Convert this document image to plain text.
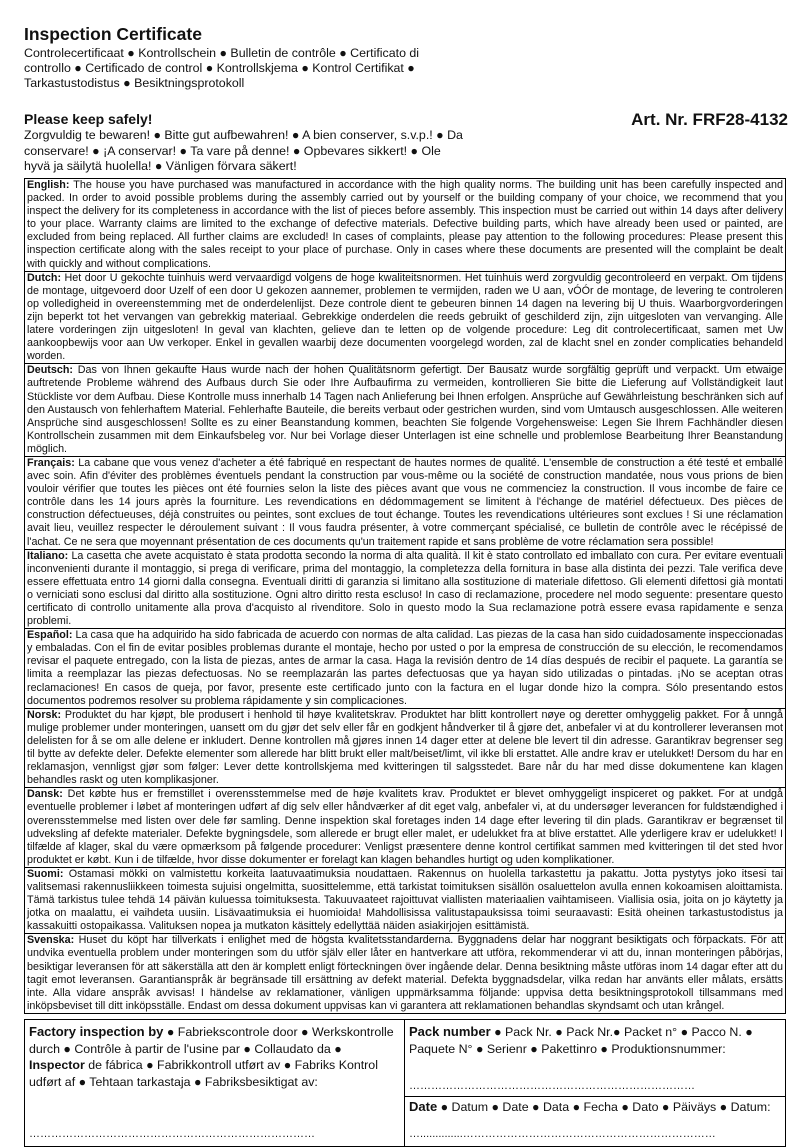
Inspection Certificate
Controlecertificaat ● Kontrollschein ● Bulletin de contrôle ● Certificato di controllo ● Certificado de control ● Kontrollskjema ● Kontrol Certifikat ● Tarkastustodistus ● Besiktningsprotokoll
Art. Nr. FRF28-4132
Please keep safely!
Zorgvuldig te bewaren! ● Bitte gut aufbewahren! ● A bien conserver, s.v.p.! ● Da conservare! ● ¡A conservar! ● Ta vare på denne! ● Opbevares sikkert! ● Ole hyvä ja säilytä huolella! ● Vänligen förvara säkert!
English: The house you have purchased was manufactured in accordance with the high quality norms. The building unit has been carefully inspected and packed. In order to avoid possible problems during the assembly carried out by yourself or the building company of your choice, we recommend that you inspect the delivery for its completeness in accordance with the list of pieces before assembly. This inspection must be carried out within 14 days after delivery to your place. Warranty claims are limited to the exchange of defective materials. Defective building parts, which have already been used or painted, are excluded from being replaced. All further claims are excluded! In cases of complaints, please pay attention to the following procedures: Please present this inspection certificate along with the sales receipt to your place of purchase. Only in cases where these documents are presented will the complaint be dealt with quickly and without complications.
Dutch: Het door U gekochte tuinhuis werd vervaardigd volgens de hoge kwaliteitsnormen. Het tuinhuis werd zorgvuldig gecontroleerd en verpakt. Om tijdens de montage, uitgevoerd door Uzelf of een door U gekozen aannemer, problemen te vermijden, raden we U aan, vÓÓr de montage, de levering te controleren op volledigheid in overeenstemming met de onderdelenlijst. Deze controle dient te gebeuren binnen 14 dagen na levering bij U thuis. Waarborgvorderingen zijn beperkt tot het vervangen van gebrekkig materiaal. Gebrekkige onderdelen die reeds gebruikt of geschilderd zijn, zijn uitgesloten van vervanging. Alle latere vorderingen zijn uitgesloten! In geval van klachten, gelieve dan te letten op de volgende procedure: Leg dit controlecertificaat, samen met Uw aankoopbewijs voor aan Uw verkoper. Enkel in gevallen waarbij deze documenten voorgelegd worden, zal de klacht snel en zonder complicaties behandeld worden.
Deutsch: Das von Ihnen gekaufte Haus wurde nach der hohen Qualitätsnorm gefertigt. Der Bausatz wurde sorgfältig geprüft und verpackt. Um etwaige auftretende Probleme während des Aufbaus durch Sie oder Ihre Aufbaufirma zu vermeiden, kontrollieren Sie bitte die Lieferung auf Vollständigkeit laut Stückliste vor dem Aufbau. Diese Kontrolle muss innerhalb 14 Tagen nach Anlieferung bei Ihnen erfolgen. Ansprüche auf Gewährleistung beschränken sich auf den Austausch von fehlerhaftem Material. Fehlerhafte Bauteile, die bereits verbaut oder gestrichen wurden, sind vom Umtausch ausgeschlossen. Alle weiteren Ansprüche sind ausgeschlossen! Sollte es zu einer Beanstandung kommen, beachten Sie folgende Vorgehensweise: Legen Sie Ihrem Fachhändler diesen Kontrollschein zusammen mit dem Einkaufsbeleg vor. Nur bei Vorlage dieser Unterlagen ist eine schnelle und problemlose Bearbeitung Ihrer Beanstandung möglich.
Français: La cabane que vous venez d'acheter a été fabriqué en respectant de hautes normes de qualité. L'ensemble de construction a été testé et emballé avec soin. Afin d'éviter des problèmes éventuels pendant la construction par vous-même ou la société de construction mandatée, nous vous prions de bien vouloir vérifier que toutes les pièces ont été fournies selon la liste des pièces avant que vous ne commenciez la construction. Il vous incombe de faire ce contrôle dans les 14 jours après la fourniture. Les revendications en dédommagement se limitent à l'échange de matériel défectueux. Des pièces de construction défectueuses, déjà construites ou peintes, sont exclues de tout échange. Toutes les revendications ultérieures sont exclues ! Si une réclamation avait lieu, veuillez respecter le déroulement suivant : Il vous faudra présenter, à votre commerçant spécialisé, ce bulletin de contrôle avec le récépissé de l'achat. Ce ne sera que moyennant présentation de ces documents qu'un traitement rapide et sans problème de votre réclamation sera possible!
Italiano: La casetta che avete acquistato è stata prodotta secondo la norma di alta qualità. Il kit è stato controllato ed imballato con cura. Per evitare eventuali inconvenienti durante il montaggio, si prega di verificare, prima del montaggio, la completezza della fornitura in base alla distinta dei pezzi. Tale verifica deve essere effettuata entro 14 giorni dalla consegna. Eventuali diritti di garanzia si limitano alla sostituzione di materiale difettoso. Gli elementi difettosi già montati o verniciati sono esclusi dal diritto alla sostituzione. Ogni altro diritto resta escluso! In caso di reclamazione, procedere nel modo seguente: presentare questo certificato di controllo unitamente alla prova d'acquisto al rivenditore. Solo in questo modo la Sua reclamazione potrà essere evasa rapidamente e senza problemi.
Español: La casa que ha adquirido ha sido fabricada de acuerdo con normas de alta calidad. Las piezas de la casa han sido cuidadosamente inspeccionadas y embaladas. Con el fin de evitar posibles problemas durante el montaje, hecho por usted o por la empresa de construcción de su elección, le recomendamos revisar el paquete entregado, con la lista de piezas, antes de armar la casa. Haga la revisión dentro de 14 días después de recibir el paquete. La garantía se limita a reemplazar las piezas defectuosas. No se reemplazarán las partes defectuosas que ya hayan sido utilizadas o pintadas. ¡No se aceptan otras reclamaciones! En casos de queja, por favor, presente este certificado junto con la factura en el lugar donde hizo la compra. Sólo presentando estos documentos podremos resolver su problema rápidamente y sin complicaciones.
Norsk: Produktet du har kjøpt, ble produsert i henhold til høye kvalitetskrav. Produktet har blitt kontrollert nøye og deretter omhyggelig pakket. For å unngå mulige problemer under monteringen, uansett om du gjør det selv eller får en godkjent håndverker til å gjøre det, anbefaler vi at du kontrollerer leveransen mot delelisten for å se om alle delene er inkludert. Denne kontrollen må gjøres innen 14 dager etter at delene ble levert til din adresse. Garantikrav begrenser seg til bytte av defekte deler. Defekte elementer som allerede har blitt brukt eller malt/beiset/limt, vil ikke bli erstattet. Alle andre krav er utelukket! Dersom du har en reklamasjon, vennligst gjør som følger: Lever dette kontrollskjema med kvitteringen til salgsstedet. Bare når du har med disse dokumentene kan klagen behandles raskt og uten komplikasjoner.
Dansk: Det købte hus er fremstillet i overensstemmelse med de høje kvalitets krav. Produktet er blevet omhyggeligt inspiceret og pakket. For at undgå eventuelle problemer i løbet af monteringen udført af dig selv eller håndværker af dit eget valg, anbefaler vi, at du undersøger leverancen for fuldstændighed i overensstemmelse med listen over dele før samling. Denne inspektion skal foretages inden 14 dage efter levering til din plads. Garantikrav er begrænset til udveksling af defekte materialer. Defekte bygningsdele, som allerede er brugt eller malet, er udelukket fra at blive erstattet. Alle yderligere krav er udelukket! I tilfælde af klager, skal du være opmærksom på følgende procedurer: Venligst præsentere denne kontrol certifikat sammen med kvitteringen til det sted hvor produktet er købt. Kun i de tilfælde, hvor disse dokumenter er forelagt kan klagen behandles hurtigt og uden komplikationer.
Suomi: Ostamasi mökki on valmistettu korkeita laatuvaatimuksia noudattaen. Rakennus on huolella tarkastettu ja pakattu. Jotta pystytys joko itsesi tai valitsemasi rakennusliikkeen toimesta sujuisi ongelmitta, suosittelemme, että tarkistat toimituksen sisällön osaluettelon avulla ennen kokoamisen aloittamista. Tämä tarkistus tulee tehdä 14 päivän kuluessa toimituksesta. Takuuvaateet rajoittuvat viallisten materiaalien vaihtamiseen. Viallisia osia, joita on jo käytetty ja jotka on maalattu, ei vaihdeta uusiin. Lisävaatimuksia ei huomioida! Mahdollisissa valitustapauksissa toimi seuraavasti: Esitä oheinen tarkastustodistus ja kassakuitti ostopaikassa. Valituksen nopea ja mutkaton käsittely edellyttää näiden asiakirjojen esittämistä.
Svenska: Huset du köpt har tillverkats i enlighet med de högsta kvalitetsstandarderna. Byggnadens delar har noggrant besiktigats och förpackats. För att undvika eventuella problem under monteringen som du utför själv eller låter en hantverkare att utföra, rekommenderar vi att du, innan monteringen påbörjas, besiktigar leveransen för att säkerställa att den är komplett enligt förteckningen över ingående delar. Denna besiktning måste utföras inom 14 dagar efter att du tagit emot leveransen. Garantianspråk är begränsade till ersättning av defekt material. Defekta byggnadsdelar, vilka redan har använts eller målats, ersätts inte. Alla vidare anspråk avvisas! I händelse av reklamationer, vänligen uppmärksamma följande: uppvisa detta besiktningsprotokoll tillsammans med inköpsbeviset till ditt inköpsställe. Endast om dessa dokument uppvisas kan vi garantera att reklamationen behandlas skyndsamt och utan krångel.
Factory inspection by ● Fabriekscontrole door ● Werkskontrolle durch ● Contrôle à partir de l'usine par ● Collaudato da ● Inspector de fábrica ● Fabrikkontroll utført av ● Fabriks Kontrol udført af ● Tehtaan tarkastaja ● Fabriksbesiktigat av:
……………………………………………………………………
Pack number ● Pack Nr. ● Pack Nr.● Packet n° ● Pacco N. ● Paquete N° ● Serienr ● Pakettinro ● Produktionsnummer:
……………………………………………………………………
Date ● Datum ● Date ● Data ● Fecha ● Dato ● Päiväys ● Datum:
…..............……………………………………………………………
